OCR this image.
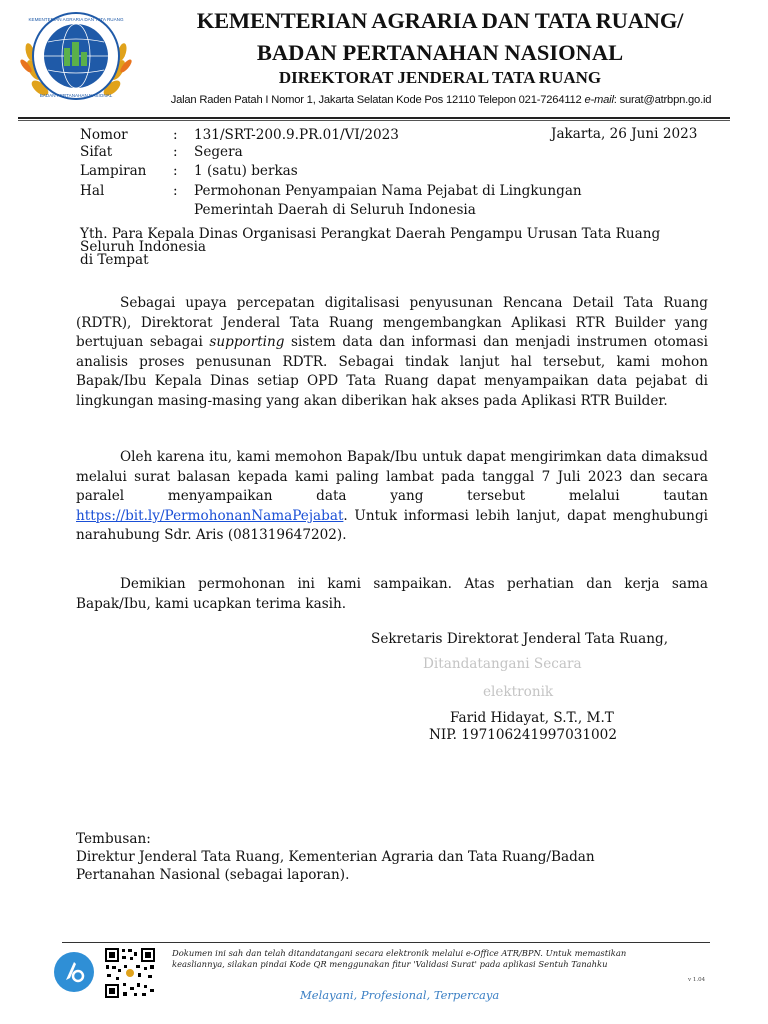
KEMENTERIAN AGRARIA DAN TATA RUANG
BADAN PERTANAHAN NASIONAL
KEMENTERIAN AGRARIA DAN TATA RUANG/
BADAN PERTANAHAN NASIONAL
DIREKTORAT JENDERAL TATA RUANG
Jalan Raden Patah I Nomor 1, Jakarta Selatan Kode Pos 12110 Telepon 021-7264112 e-mail: surat@atrbpn.go.id
Nomor	: 131/SRT-200.9.PR.01/VI/2023	Jakarta, 26 Juni 2023
Sifat	: Segera
Lampiran : 1 (satu) berkas
Hal	: Permohonan Penyampaian Nama Pejabat di Lingkungan
Pemerintah Daerah di Seluruh Indonesia
Yth. Para Kepala Dinas Organisasi Perangkat Daerah Pengampu Urusan Tata Ruang
Seluruh Indonesia
di Tempat
Sebagai upaya percepatan digitalisasi penyusunan Rencana Detail Tata Ruang (RDTR), Direktorat Jenderal Tata Ruang mengembangkan Aplikasi RTR Builder yang bertujuan sebagai supporting sistem data dan informasi dan menjadi instrumen otomasi analisis proses penusunan RDTR. Sebagai tindak lanjut hal tersebut, kami mohon Bapak/Ibu Kepala Dinas setiap OPD Tata Ruang dapat menyampaikan data pejabat di lingkungan masing-masing yang akan diberikan hak akses pada Aplikasi RTR Builder.
Oleh karena itu, kami memohon Bapak/Ibu untuk dapat mengirimkan data dimaksud melalui surat balasan kepada kami paling lambat pada tanggal 7 Juli 2023 dan secara paralel menyampaikan data yang tersebut melalui tautan https://bit.ly/PermohonanNamaPejabat. Untuk informasi lebih lanjut, dapat menghubungi narahubung Sdr. Aris (081319647202).
Demikian permohonan ini kami sampaikan. Atas perhatian dan kerja sama Bapak/Ibu, kami ucapkan terima kasih.
Sekretaris Direktorat Jenderal Tata Ruang,
Ditandatangani Secara
elektronik
Farid Hidayat, S.T., M.T
NIP. 197106241997031002
Tembusan:
Direktur Jenderal Tata Ruang, Kementerian Agraria dan Tata Ruang/Badan
Pertanahan Nasional (sebagai laporan).
Dokumen ini sah dan telah ditandatangani secara elektronik melalui e-Office ATR/BPN. Untuk memastikan
keasliannya, silakan pindai Kode QR menggunakan fitur 'Validasi Surat' pada aplikasi Sentuh Tanahku
v 1.04
Melayani, Profesional, Terpercaya
